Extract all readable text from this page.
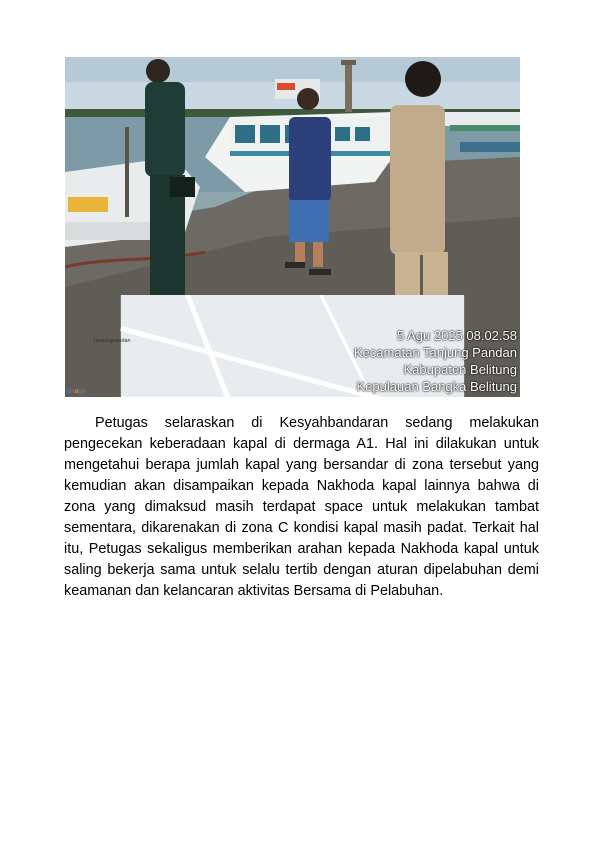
Tanjungpandan
Google
5 Agu 2025 08.02.58
Kecamatan Tanjung Pandan
Kabupaten Belitung
Kepulauan Bangka Belitung

Petugas selaraskan di Kesyahbandaran sedang melakukan pengecekan keberadaan kapal di dermaga A1. Hal ini dilakukan untuk mengetahui berapa jumlah kapal yang bersandar di zona tersebut yang kemudian akan disampaikan kepada Nakhoda kapal lainnya bahwa di zona yang dimaksud masih terdapat space untuk melakukan tambat sementara, dikarenakan di zona C kondisi kapal masih padat. Terkait hal itu, Petugas sekaligus memberikan arahan kepada Nakhoda kapal untuk saling bekerja sama untuk selalu tertib dengan aturan dipelabuhan demi keamanan dan kelancaran aktivitas Bersama di Pelabuhan.
